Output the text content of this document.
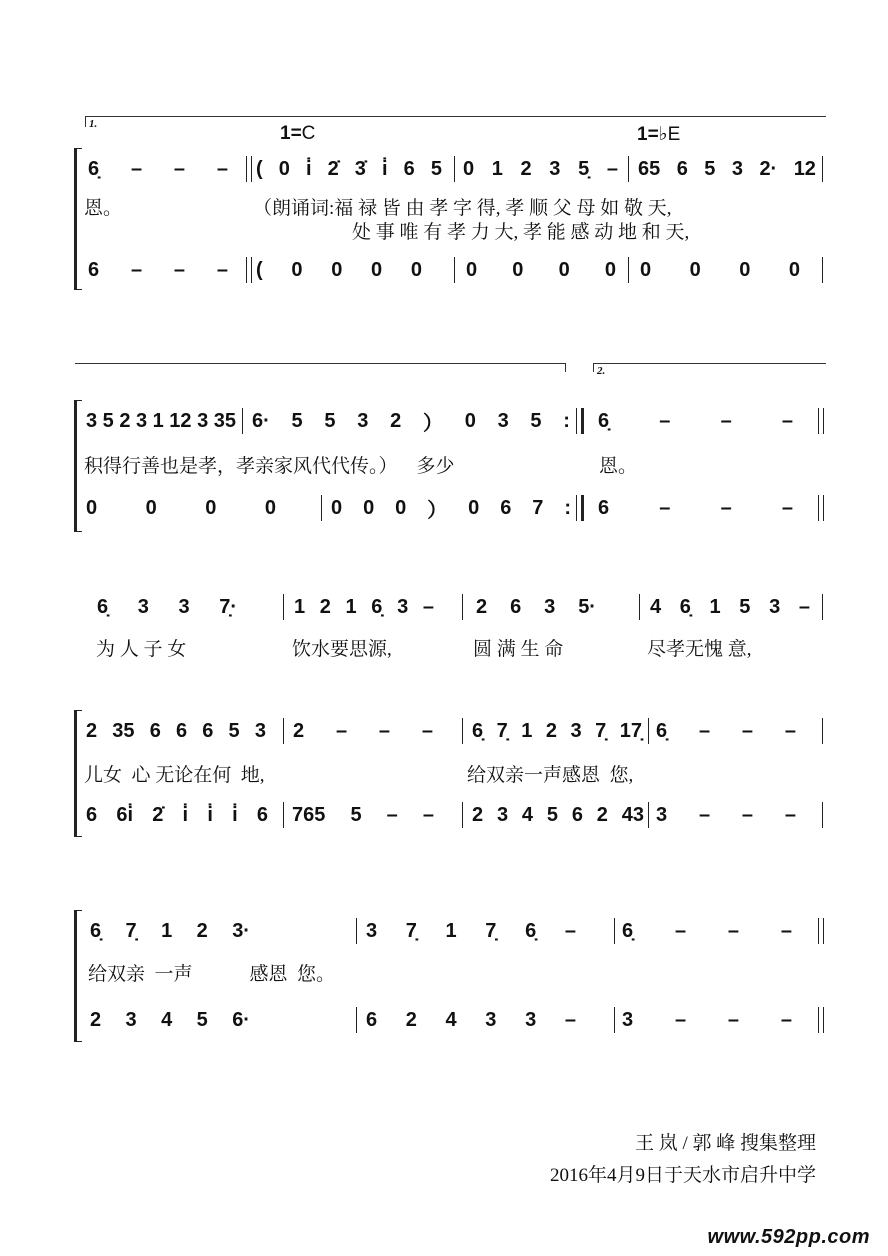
1.	1=C	1=♭E
6̣ – – – ( 0 i̇ 2̇ 3̇ i̇ 6 5 0 1 2 3 5̣ – 65 6 5 3 2· 12
恩。	（朗诵词:福 禄 皆 由 孝 字 得, 孝 顺 父 母 如 敬 天,
处 事 唯 有 孝 力 大, 孝 能 感 动 地 和 天,
6 – – – ( 0 0 0 0 0 0 0 0 0 0 0 0
2.
3 5 2 3 1 12 3 35 6· 5 5 3 2 ） 0 3 5 : 6̣	–	–	–
积得行善也是孝，孝亲家风代代传。）    多少	恩。
0 0 0 0	0 0 0 ） 0 6 7 : 6	–	–	–
6̣ 3 3 7̣·	1 2 1 6̣ 3 – 2 6 3 5·	4 6̣ 1 5 3 –
为 人 子 女	饮水要思源,	圆 满 生 命	尽孝无愧 意,
2 35 6 6 6 5 3 2 – – – 6̣ 7̣ 1 2 3 7̣ 17̣ 6̣ – – –
儿女  心 无论在何  地,	给双亲一声感恩  您,
6 6i̇ 2̇ i̇ i̇ i̇ 6 765 5 – – 2 3 4 5 6 2 43 3 – – –
6̣ 7̣ 1 2 3·	3 7̣ 1 7̣ 6̣ – 6̣ – – –
给双亲  一声            感恩  您。
2 3 4 5 6·	6 2 4 3 3 – 3 – – –
王 岚 / 郭 峰 搜集整理
2016年4月9日于天水市启升中学
www.592pp.com
